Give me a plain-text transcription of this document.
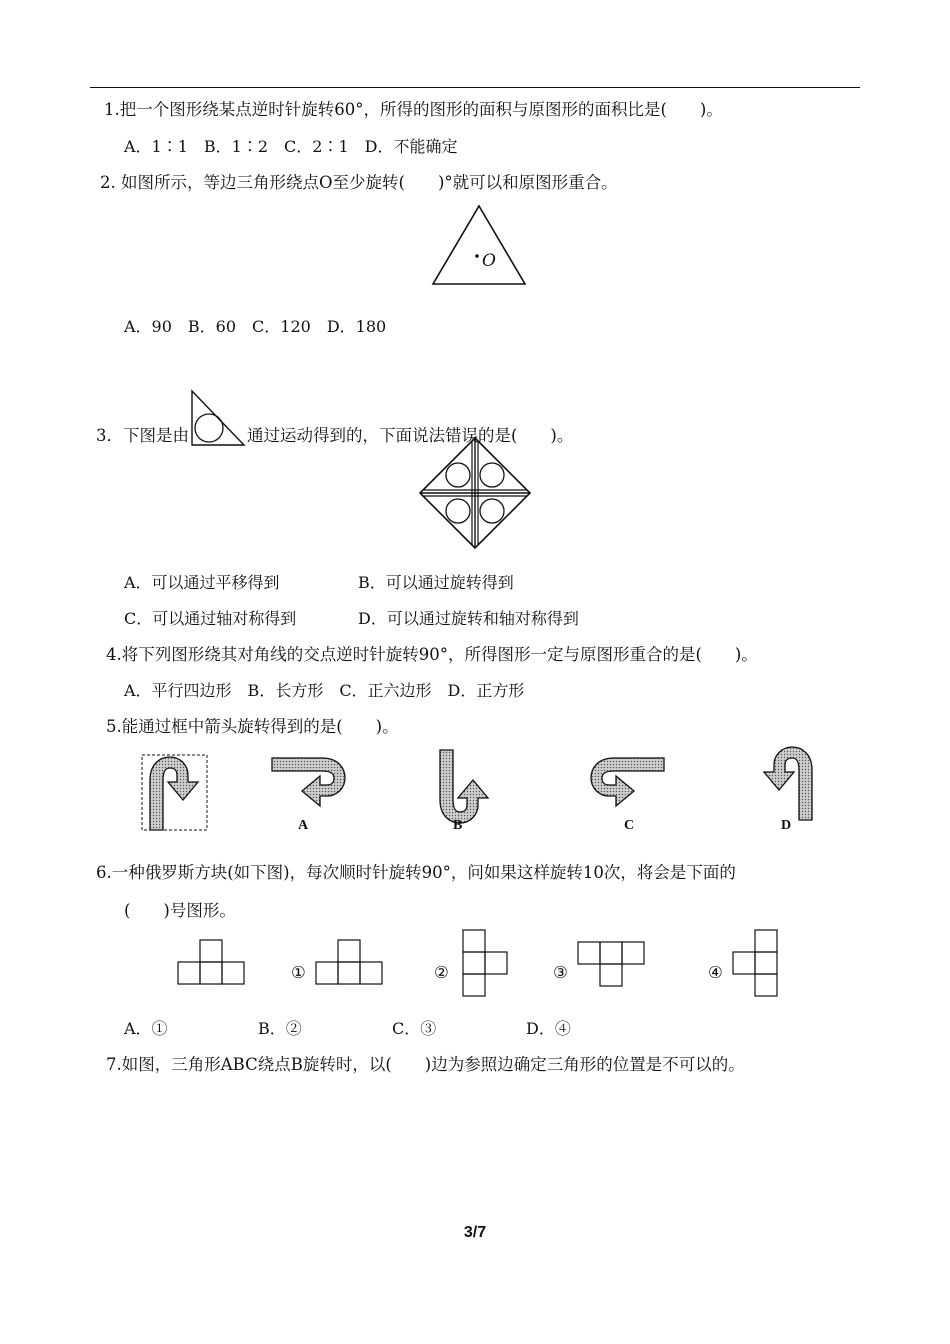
1.把一个图形绕某点逆时针旋转60°，所得的图形的面积与原图形的面积比是(　　)。
A．1∶1　B．1∶2　C．2∶1　D．不能确定
2. 如图所示，等边三角形绕点O至少旋转(　　)°就可以和原图形重合。
O
A．90　B．60　C．120　D．180
3．下图是由	通过运动得到的，下面说法错误的是(　　)。
A．可以通过平移得到	B．可以通过旋转得到
C．可以通过轴对称得到	D．可以通过旋转和轴对称得到
4.将下列图形绕其对角线的交点逆时针旋转90°，所得图形一定与原图形重合的是(　　)。
A．平行四边形　B．长方形　C．正六边形　D．正方形
5.能通过框中箭头旋转得到的是(　　)。
A	B	C	D
6.一种俄罗斯方块(如下图)，每次顺时针旋转90°，问如果这样旋转10次，将会是下面的
(　　)号图形。
①	②	③	④
A．①	B．②	C．③	D．④
7.如图，三角形ABC绕点B旋转时，以(　　)边为参照边确定三角形的位置是不可以的。
3/7
